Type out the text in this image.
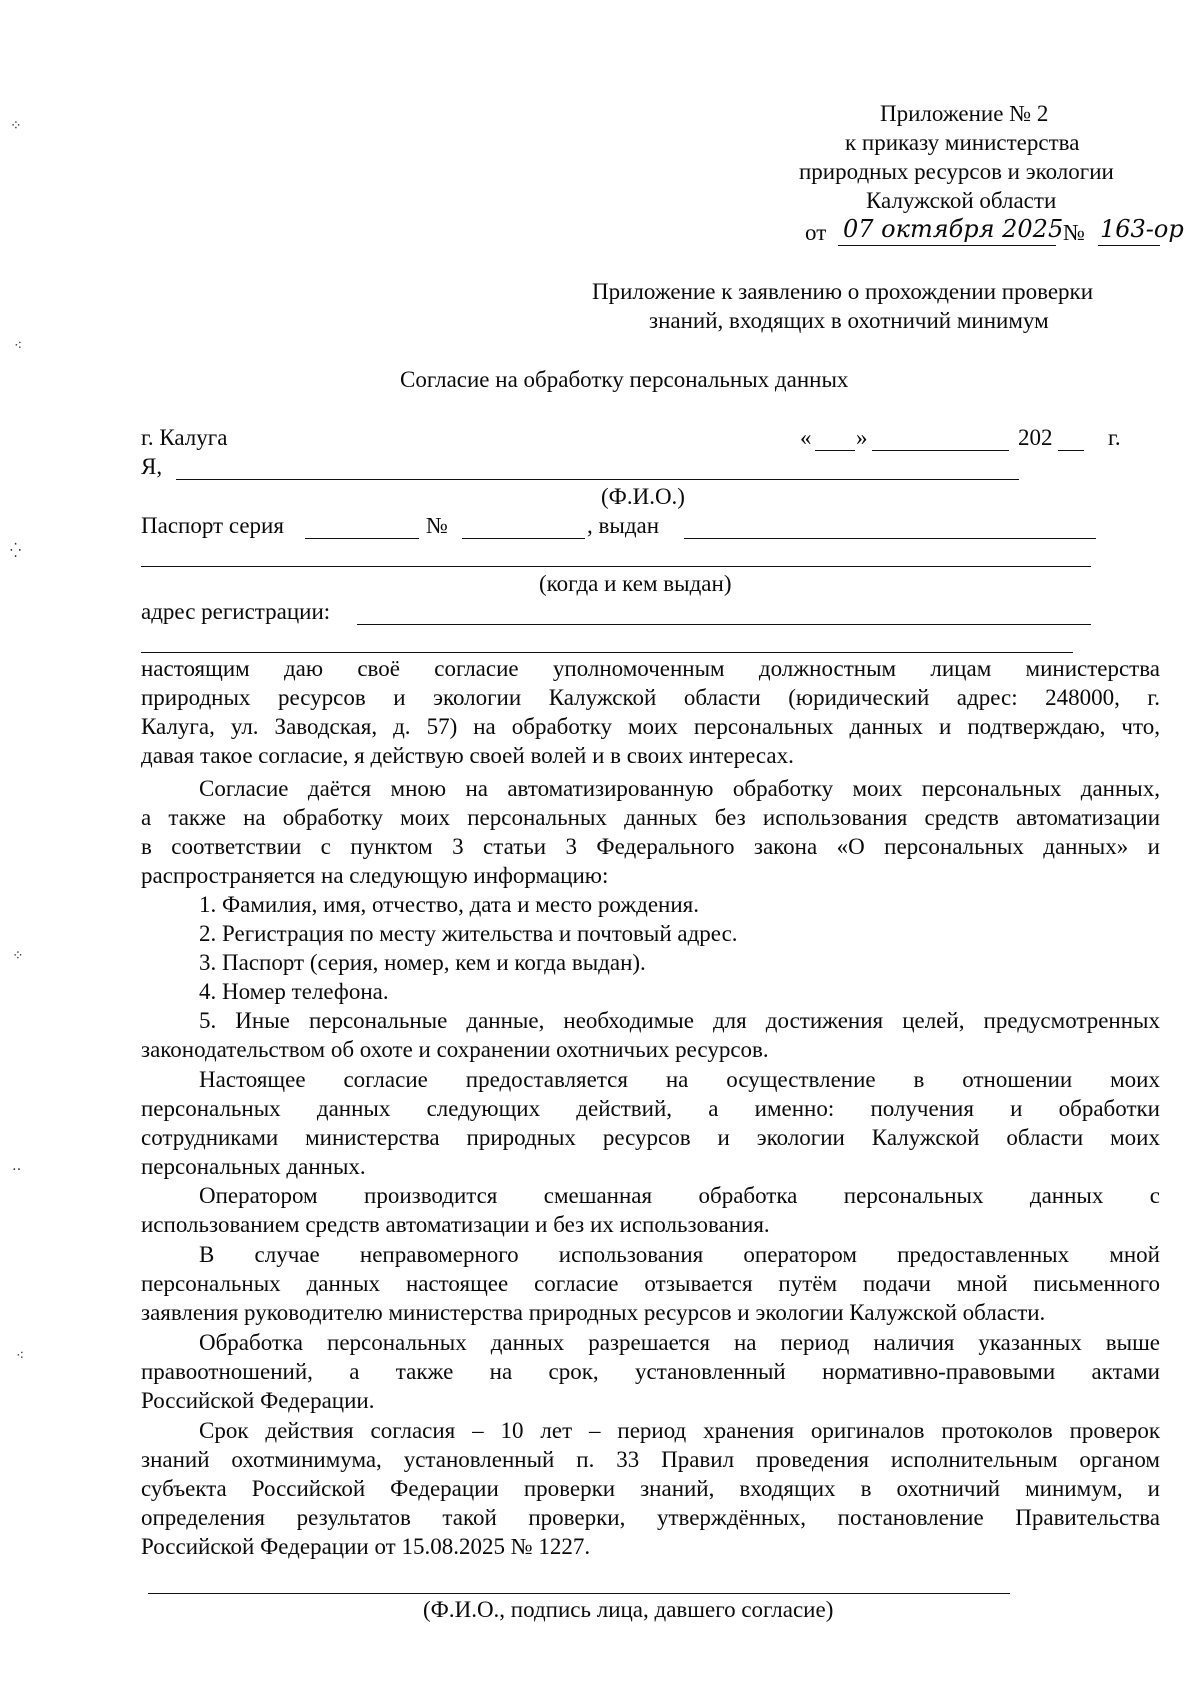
⁘
⁖
⁛
⁘
‥
⁖
Приложение № 2
к приказу министерства
природных ресурсов и экологии
Калужской области
от 07 октября 2025 № 163-ор
Приложение к заявлению о прохождении проверки
знаний, входящих в охотничий минимум
Согласие на обработку персональных данных
г. Калуга	« »	202 г.
Я,
(Ф.И.О.)
Паспорт серия	№	, выдан
(когда и кем выдан)
адрес регистрации:

настоящим даю своё согласие уполномоченным должностным лицам министерства

природных ресурсов и экологии Калужской области (юридический адрес: 248000, г.

Калуга, ул. Заводская, д. 57) на обработку моих персональных данных и подтверждаю, что,

давая такое согласие, я действую своей волей и в своих интересах.

Согласие даётся мною на автоматизированную обработку моих персональных данных,

а также на обработку моих персональных данных без использования средств автоматизации

в соответствии с пунктом 3 статьи 3 Федерального закона «О персональных данных» и

распространяется на следующую информацию:

1. Фамилия, имя, отчество, дата и место рождения.
2. Регистрация по месту жительства и почтовый адрес.
3. Паспорт (серия, номер, кем и когда выдан).
4. Номер телефона.

5. Иные персональные данные, необходимые для достижения целей, предусмотренных

законодательством об охоте и сохранении охотничьих ресурсов.

Настоящее согласие предоставляется на осуществление в отношении моих

персональных данных следующих действий, а именно: получения и обработки

сотрудниками министерства природных ресурсов и экологии Калужской области моих

персональных данных.

Оператором производится смешанная обработка персональных данных с

использованием средств автоматизации и без их использования.

В случае неправомерного использования оператором предоставленных мной

персональных данных настоящее согласие отзывается путём подачи мной письменного

заявления руководителю министерства природных ресурсов и экологии Калужской области.

Обработка персональных данных разрешается на период наличия указанных выше

правоотношений, а также на срок, установленный нормативно-правовыми актами

Российской Федерации.

Срок действия согласия – 10 лет – период хранения оригиналов протоколов проверок

знаний охотминимума, установленный п. 33 Правил проведения исполнительным органом

субъекта Российской Федерации проверки знаний, входящих в охотничий минимум, и

определения результатов такой проверки, утверждённых, постановление Правительства

Российской Федерации от 15.08.2025 № 1227.

(Ф.И.О., подпись лица, давшего согласие)
